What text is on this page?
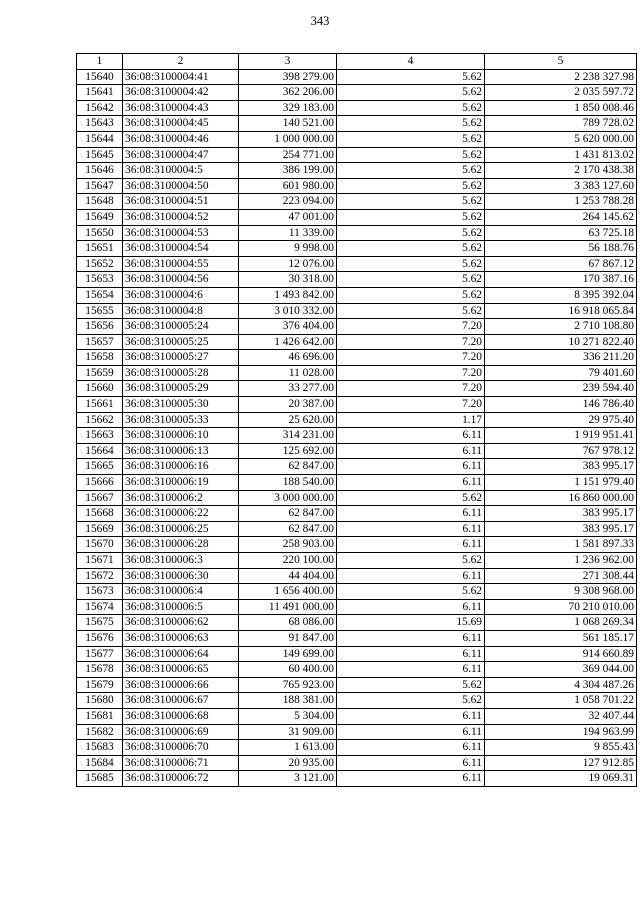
343
1	2	3	4	5
15640	36:08:3100004:41	398 279.00	5.62	2 238 327.98
15641	36:08:3100004:42	362 206.00	5.62	2 035 597.72
15642	36:08:3100004:43	329 183.00	5.62	1 850 008.46
15643	36:08:3100004:45	140 521.00	5.62	789 728.02
15644	36:08:3100004:46	1 000 000.00	5.62	5 620 000.00
15645	36:08:3100004:47	254 771.00	5.62	1 431 813.02
15646	36:08:3100004:5	386 199.00	5.62	2 170 438.38
15647	36:08:3100004:50	601 980.00	5.62	3 383 127.60
15648	36:08:3100004:51	223 094.00	5.62	1 253 788.28
15649	36:08:3100004:52	47 001.00	5.62	264 145.62
15650	36:08:3100004:53	11 339.00	5.62	63 725.18
15651	36:08:3100004:54	9 998.00	5.62	56 188.76
15652	36:08:3100004:55	12 076.00	5.62	67 867.12
15653	36:08:3100004:56	30 318.00	5.62	170 387.16
15654	36:08:3100004:6	1 493 842.00	5.62	8 395 392.04
15655	36:08:3100004:8	3 010 332.00	5.62	16 918 065.84
15656	36:08:3100005:24	376 404.00	7.20	2 710 108.80
15657	36:08:3100005:25	1 426 642.00	7.20	10 271 822.40
15658	36:08:3100005:27	46 696.00	7.20	336 211.20
15659	36:08:3100005:28	11 028.00	7.20	79 401.60
15660	36:08:3100005:29	33 277.00	7.20	239 594.40
15661	36:08:3100005:30	20 387.00	7.20	146 786.40
15662	36:08:3100005:33	25 620.00	1.17	29 975.40
15663	36:08:3100006:10	314 231.00	6.11	1 919 951.41
15664	36:08:3100006:13	125 692.00	6.11	767 978.12
15665	36:08:3100006:16	62 847.00	6.11	383 995.17
15666	36:08:3100006:19	188 540.00	6.11	1 151 979.40
15667	36:08:3100006:2	3 000 000.00	5.62	16 860 000.00
15668	36:08:3100006:22	62 847.00	6.11	383 995.17
15669	36:08:3100006:25	62 847.00	6.11	383 995.17
15670	36:08:3100006:28	258 903.00	6.11	1 581 897.33
15671	36:08:3100006:3	220 100.00	5.62	1 236 962.00
15672	36:08:3100006:30	44 404.00	6.11	271 308.44
15673	36:08:3100006:4	1 656 400.00	5.62	9 308 968.00
15674	36:08:3100006:5	11 491 000.00	6.11	70 210 010.00
15675	36:08:3100006:62	68 086.00	15.69	1 068 269.34
15676	36:08:3100006:63	91 847.00	6.11	561 185.17
15677	36:08:3100006:64	149 699.00	6.11	914 660.89
15678	36:08:3100006:65	60 400.00	6.11	369 044.00
15679	36:08:3100006:66	765 923.00	5.62	4 304 487.26
15680	36:08:3100006:67	188 381.00	5.62	1 058 701.22
15681	36:08:3100006:68	5 304.00	6.11	32 407.44
15682	36:08:3100006:69	31 909.00	6.11	194 963.99
15683	36:08:3100006:70	1 613.00	6.11	9 855.43
15684	36:08:3100006:71	20 935.00	6.11	127 912.85
15685	36:08:3100006:72	3 121.00	6.11	19 069.31
